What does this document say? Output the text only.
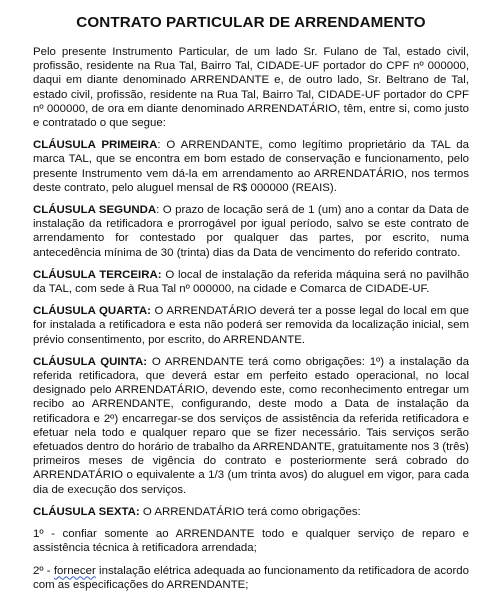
CONTRATO PARTICULAR DE ARRENDAMENTO

Pelo presente Instrumento Particular, de um lado Sr. Fulano de Tal, estado civil, profissão, residente na Rua Tal, Bairro Tal, CIDADE-UF portador do CPF nº 000000, daqui em diante denominado ARRENDANTE e, de outro lado, Sr. Beltrano de Tal, estado civil, profissão, residente na Rua Tal, Bairro Tal, CIDADE-UF portador do CPF nº 000000, de ora em diante denominado ARRENDATÁRIO, têm, entre si, como justo e contratado o que segue:

CLÁUSULA PRIMEIRA: O ARRENDANTE, como legítimo proprietário da TAL da marca TAL, que se encontra em bom estado de conservação e funcionamento, pelo presente Instrumento vem dá-la em arrendamento ao ARRENDATÁRIO, nos termos deste contrato, pelo aluguel mensal de R$ 000000 (REAIS).

CLÁUSULA SEGUNDA: O prazo de locação será de 1 (um) ano a contar da Data de instalação da retificadora e prorrogável por igual período, salvo se este contrato de arrendamento for contestado por qualquer das partes, por escrito, numa antecedência mínima de 30 (trinta) dias da Data de vencimento do referido contrato.

CLÁUSULA TERCEIRA: O local de instalação da referida máquina será no pavilhão da TAL, com sede à Rua Tal nº 000000, na cidade e Comarca de CIDADE-UF.

CLÁUSULA QUARTA: O ARRENDATÁRIO deverá ter a posse legal do local em que for instalada a retificadora e esta não poderá ser removida da localização inicial, sem prévio consentimento, por escrito, do ARRENDANTE.

CLÁUSULA QUINTA: O ARRENDANTE terá como obrigações: 1º) a instalação da referida retificadora, que deverá estar em perfeito estado operacional, no local designado pelo ARRENDATÁRIO, devendo este, como reconhecimento entregar um recibo ao ARRENDANTE, configurando, deste modo a Data de instalação da retificadora e 2º) encarregar-se dos serviços de assistência da referida retificadora e efetuar nela todo e qualquer reparo que se fizer necessário. Tais serviços serão efetuados dentro do horário de trabalho da ARRENDANTE, gratuitamente nos 3 (três) primeiros meses de vigência do contrato e posteriormente será cobrado do ARRENDATÁRIO o equivalente a 1/3 (um trinta avos) do aluguel em vigor, para cada dia de execução dos serviços.

CLÁUSULA SEXTA: O ARRENDATÁRIO terá como obrigações:

1º - confiar somente ao ARRENDANTE todo e qualquer serviço de reparo e assistência técnica à retificadora arrendada;

2º - fornecer instalação elétrica adequada ao funcionamento da retificadora de acordo com as especificações do ARRENDANTE;
